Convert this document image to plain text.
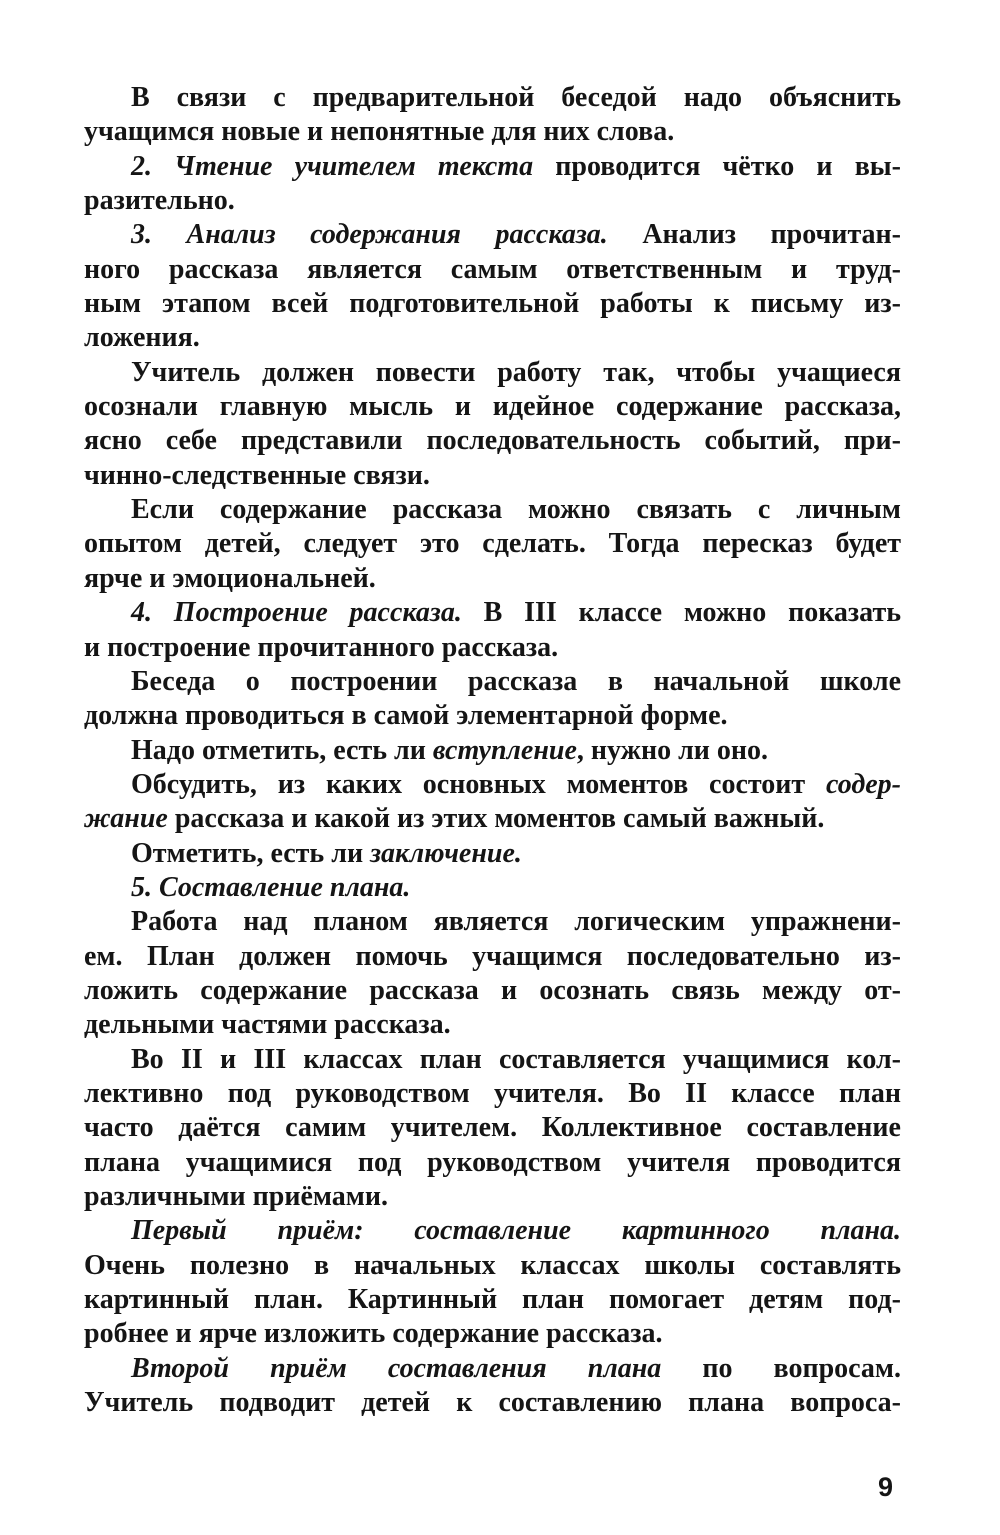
В связи с предварительной беседой надо объяснить
учащимся новые и непонятные для них слова.
2. Чтение учителем текста проводится чётко и вы-
разительно.
3. Анализ содержания рассказа. Анализ прочитан-
ного рассказа является самым ответственным и труд-
ным этапом всей подготовительной работы к письму из-
ложения.
Учитель должен повести работу так, чтобы учащиеся
осознали главную мысль и идейное содержание рассказа,
ясно себе представили последовательность событий, при-
чинно-следственные связи.
Если содержание рассказа можно связать с личным
опытом детей, следует это сделать. Тогда пересказ будет
ярче и эмоциональней.
4. Построение рассказа. В III классе можно показать
и построение прочитанного рассказа.
Беседа о построении рассказа в начальной школе
должна проводиться в самой элементарной форме.
Надо отметить, есть ли вступление, нужно ли оно.
Обсудить, из каких основных моментов состоит содер-
жание рассказа и какой из этих моментов самый важный.
Отметить, есть ли заключение.
5. Составление плана.
Работа над планом является логическим упражнени-
ем. План должен помочь учащимся последовательно из-
ложить содержание рассказа и осознать связь между от-
дельными частями рассказа.
Во II и III классах план составляется учащимися кол-
лективно под руководством учителя. Во II классе план
часто даётся самим учителем. Коллективное составление
плана учащимися под руководством учителя проводится
различными приёмами.
Первый приём: составление картинного плана.
Очень полезно в начальных классах школы составлять
картинный план. Картинный план помогает детям под-
робнее и ярче изложить содержание рассказа.
Второй приём составления плана по вопросам.
Учитель подводит детей к составлению плана вопроса-
9
